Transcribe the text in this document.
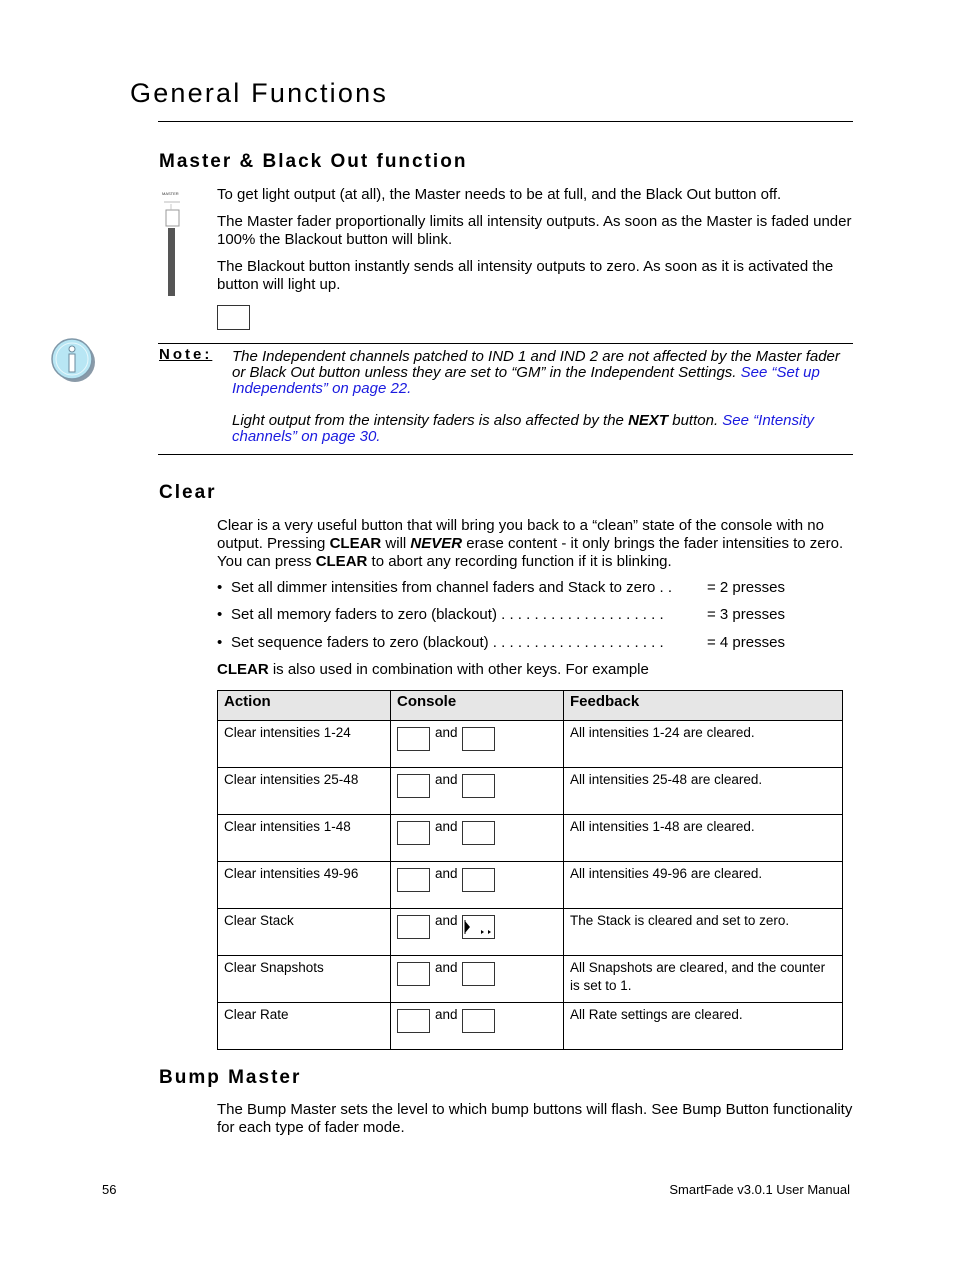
General Functions
Master & Black Out function
MASTER	To get light output (at all), the Master needs to be at full, and the Black Out button off.
The Master fader proportionally limits all intensity outputs. As soon as the Master is faded under 100% the Blackout button will blink.
The Blackout button instantly sends all intensity outputs to zero. As soon as it is activated the button will light up.
Note: The Independent channels patched to IND 1 and IND 2 are not affected by the Master fader or Black Out button unless they are set to “GM” in the Independent Settings. See “Set up Independents” on page 22.
Light output from the intensity faders is also affected by the NEXT button. See “Intensity channels” on page 30.
Clear
Clear is a very useful button that will bring you back to a “clean” state of the console with no output. Pressing CLEAR will NEVER erase content - it only brings the fader intensities to zero. You can press CLEAR to abort any recording function if it is blinking.
• Set all dimmer intensities from channel faders and Stack to zero . . = 2 presses
• Set all memory faders to zero (blackout) . . . . . . . . . . . . . . . . . . . .	= 3 presses
• Set sequence faders to zero (blackout) . . . . . . . . . . . . . . . . . . . . .	= 4 presses
CLEAR is also used in combination with other keys. For example
Action	Console	Feedback
Clear intensities 1-24	and	All intensities 1-24 are cleared.
Clear intensities 25-48	and	All intensities 25-48 are cleared.
Clear intensities 1-48	and	All intensities 1-48 are cleared.
Clear intensities 49-96	and	All intensities 49-96 are cleared.
Clear Stack	and	The Stack is cleared and set to zero.
Clear Snapshots	and	All Snapshots are cleared, and the counter is set to 1.
Clear Rate	and	All Rate settings are cleared.
Bump Master
The Bump Master sets the level to which bump buttons will flash. See Bump Button functionality for each type of fader mode.
56	SmartFade v3.0.1 User Manual
